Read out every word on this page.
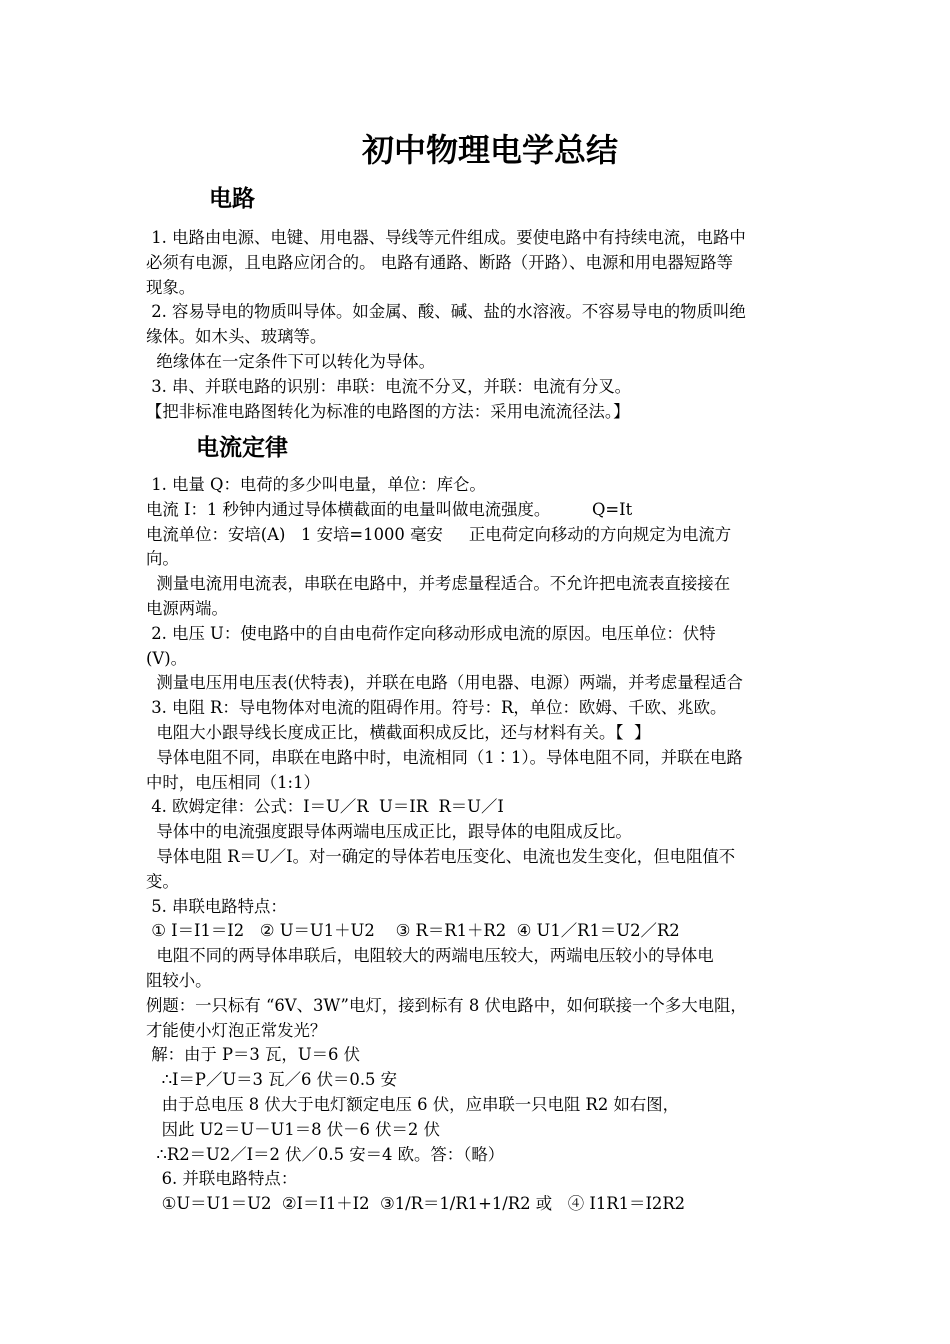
初中物理电学总结
电路
1. 电路由电源、电键、用电器、导线等元件组成。要使电路中有持续电流，电路中
必须有电源，且电路应闭合的。 电路有通路、断路（开路）、电源和用电器短路等
现象。
2. 容易导电的物质叫导体。如金属、酸、碱、盐的水溶液。不容易导电的物质叫绝
缘体。如木头、玻璃等。
绝缘体在一定条件下可以转化为导体。
3. 串、并联电路的识别：串联：电流不分叉，并联：电流有分叉。
【把非标准电路图转化为标准的电路图的方法：采用电流流径法。】
电流定律
1. 电量 Q：电荷的多少叫电量，单位：库仑。
电流 I：1 秒钟内通过导体横截面的电量叫做电流强度。        Q=It
电流单位：安培(A)   1 安培=1000 毫安     正电荷定向移动的方向规定为电流方
向。
测量电流用电流表，串联在电路中，并考虑量程适合。不允许把电流表直接接在
电源两端。
2. 电压 U：使电路中的自由电荷作定向移动形成电流的原因。电压单位：伏特
(V)。
测量电压用电压表(伏特表)，并联在电路（用电器、电源）两端，并考虑量程适合
3. 电阻 R：导电物体对电流的阻碍作用。符号：R，单位：欧姆、千欧、兆欧。
电阻大小跟导线长度成正比，横截面积成反比，还与材料有关。【  】
导体电阻不同，串联在电路中时，电流相同（1∶1）。导体电阻不同，并联在电路
中时，电压相同（1:1）
4. 欧姆定律：公式：I＝U／R  U＝IR  R＝U／I
导体中的电流强度跟导体两端电压成正比，跟导体的电阻成反比。
导体电阻 R＝U／I。对一确定的导体若电压变化、电流也发生变化，但电阻值不
变。
5. 串联电路特点：
① I＝I1＝I2   ② U＝U1＋U2    ③ R＝R1＋R2  ④ U1／R1＝U2／R2
电阻不同的两导体串联后，电阻较大的两端电压较大，两端电压较小的导体电
阻较小。
例题：一只标有 “6V、3W”电灯，接到标有 8 伏电路中，如何联接一个多大电阻，
才能使小灯泡正常发光？
解：由于 P＝3 瓦，U＝6 伏
∴I＝P／U＝3 瓦／6 伏＝0.5 安
由于总电压 8 伏大于电灯额定电压 6 伏，应串联一只电阻 R2 如右图，
因此 U2＝U－U1＝8 伏－6 伏＝2 伏
∴R2＝U2／I＝2 伏／0.5 安＝4 欧。答：（略）
6. 并联电路特点：
①U＝U1＝U2  ②I＝I1＋I2  ③1/R＝1/R1+1/R2 或   ④ I1R1＝I2R2
